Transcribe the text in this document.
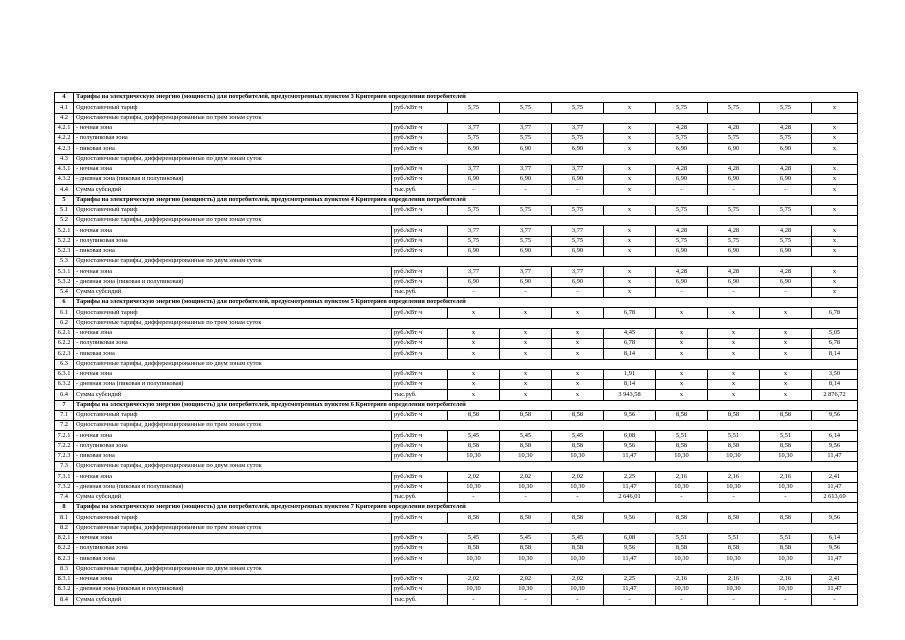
4	Тарифы на электрическую энергию (мощность) для потребителей, предусмотренных пунктом 3 Критериев определения потребителей									
4.1	Одноставочный тариф	руб./кВт·ч	5,75	5,75	5,75	x	5,75	5,75	5,75	x
4.2	Одноставочные тарифы, дифференцированные по трем зонам суток									
4.2.1	- ночная зона	руб./кВт·ч	3,77	3,77	3,77	x	4,28	4,28	4,28	x
4.2.2	- полупиковая зона	руб./кВт·ч	5,75	5,75	5,75	x	5,75	5,75	5,75	x
4.2.3	- пиковая зона	руб./кВт·ч	6,90	6,90	6,90	x	6,90	6,90	6,90	x
4.3	Одноставочные тарифы, дифференцированные по двум зонам суток									
4.3.1	- ночная зона	руб./кВт·ч	3,77	3,77	3,77	x	4,28	4,28	4,28	x
4.3.2	- дневная зона (пиковая и полупиковая)	руб./кВт·ч	6,90	6,90	6,90	x	6,90	6,90	6,90	x
4.4	Сумма субсидий	тыс.руб.	-	-	-	x	-	-	-	x
5	Тарифы на электрическую энергию (мощность) для потребителей, предусмотренных пунктом 4 Критериев определения потребителей									
5.1	Одноставочный тариф	руб./кВт·ч	5,75	5,75	5,75	x	5,75	5,75	5,75	x
5.2	Одноставочные тарифы, дифференцированные по трем зонам суток									
5.2.1	- ночная зона	руб./кВт·ч	3,77	3,77	3,77	x	4,28	4,28	4,28	x
5.2.2	- полупиковая зона	руб./кВт·ч	5,75	5,75	5,75	x	5,75	5,75	5,75	x
5.2.3	- пиковая зона	руб./кВт·ч	6,90	6,90	6,90	x	6,90	6,90	6,90	x
5.3	Одноставочные тарифы, дифференцированные по двум зонам суток									
5.3.1	- ночная зона	руб./кВт·ч	3,77	3,77	3,77	x	4,28	4,28	4,28	x
5.3.2	- дневная зона (пиковая и полупиковая)	руб./кВт·ч	6,90	6,90	6,90	x	6,90	6,90	6,90	x
5.4	Сумма субсидий	тыс.руб.	-	-	-	x	-	-	-	x
6	Тарифы на электрическую энергию (мощность) для потребителей, предусмотренных пунктом 5 Критериев определения потребителей									
6.1	Одноставочный тариф	руб./кВт·ч	x	x	x	6,78	x	x	x	6,78
6.2	Одноставочные тарифы, дифференцированные по трем зонам суток									
6.2.1	- ночная зона	руб./кВт·ч	x	x	x	4,45	x	x	x	5,05
6.2.2	- полупиковая зона	руб./кВт·ч	x	x	x	6,78	x	x	x	6,78
6.2.3	- пиковая зона	руб./кВт·ч	x	x	x	8,14	x	x	x	8,14
6.3	Одноставочные тарифы, дифференцированные по двум зонам суток									
6.3.1	- ночная зона	руб./кВт·ч	x	x	x	1,91	x	x	x	3,50
6.3.2	- дневная зона (пиковая и полупиковая)	руб./кВт·ч	x	x	x	8,14	x	x	x	8,14
6.4	Сумма субсидий	тыс.руб.	x	x	x	3 943,58	x	x	x	2 876,72
7	Тарифы на электрическую энергию (мощность) для потребителей, предусмотренных пунктом 6 Критериев определения потребителей									
7.1	Одноставочный тариф	руб./кВт·ч	8,58	8,58	8,58	9,56	8,58	8,58	8,58	9,56
7.2	Одноставочные тарифы, дифференцированные по трем зонам суток									
7.2.1	- ночная зона	руб./кВт·ч	5,45	5,45	5,45	6,08	5,51	5,51	5,51	6,14
7.2.2	- полупиковая зона	руб./кВт·ч	8,58	8,58	8,58	9,56	8,58	8,58	8,58	9,56
7.2.3	- пиковая зона	руб./кВт·ч	10,30	10,30	10,30	11,47	10,30	10,30	10,30	11,47
7.3	Одноставочные тарифы, дифференцированные по двум зонам суток									
7.3.1	- ночная зона	руб./кВт·ч	2,02	2,02	2,02	2,25	2,16	2,16	2,16	2,41
7.3.2	- дневная зона (пиковая и полупиковая)	руб./кВт·ч	10,30	10,30	10,30	11,47	10,30	10,30	10,30	11,47
7.4	Сумма субсидий	тыс.руб.	-	-	-	2 646,01	-	-	-	2 613,69
8	Тарифы на электрическую энергию (мощность) для потребителей, предусмотренных пунктом 7 Критериев определения потребителей									
8.1	Одноставочный тариф	руб./кВт·ч	8,58	8,58	8,58	9,56	8,58	8,58	8,58	9,56
8.2	Одноставочные тарифы, дифференцированные по трем зонам суток									
8.2.1	- ночная зона	руб./кВт·ч	5,45	5,45	5,45	6,08	5,51	5,51	5,51	6,14
8.2.2	- полупиковая зона	руб./кВт·ч	8,58	8,58	8,58	9,56	8,58	8,58	8,58	9,56
8.2.3	- пиковая зона	руб./кВт·ч	10,30	10,30	10,30	11,47	10,30	10,30	10,30	11,47
8.3	Одноставочные тарифы, дифференцированные по двум зонам суток									
8.3.1	- ночная зона	руб./кВт·ч	2,02	2,02	2,02	2,25	2,16	2,16	2,16	2,41
8.3.2	- дневная зона (пиковая и полупиковая)	руб./кВт·ч	10,30	10,30	10,30	11,47	10,30	10,30	10,30	11,47
8.4	Сумма субсидий	тыс.руб.	-	-	-	-	-	-	-	-
